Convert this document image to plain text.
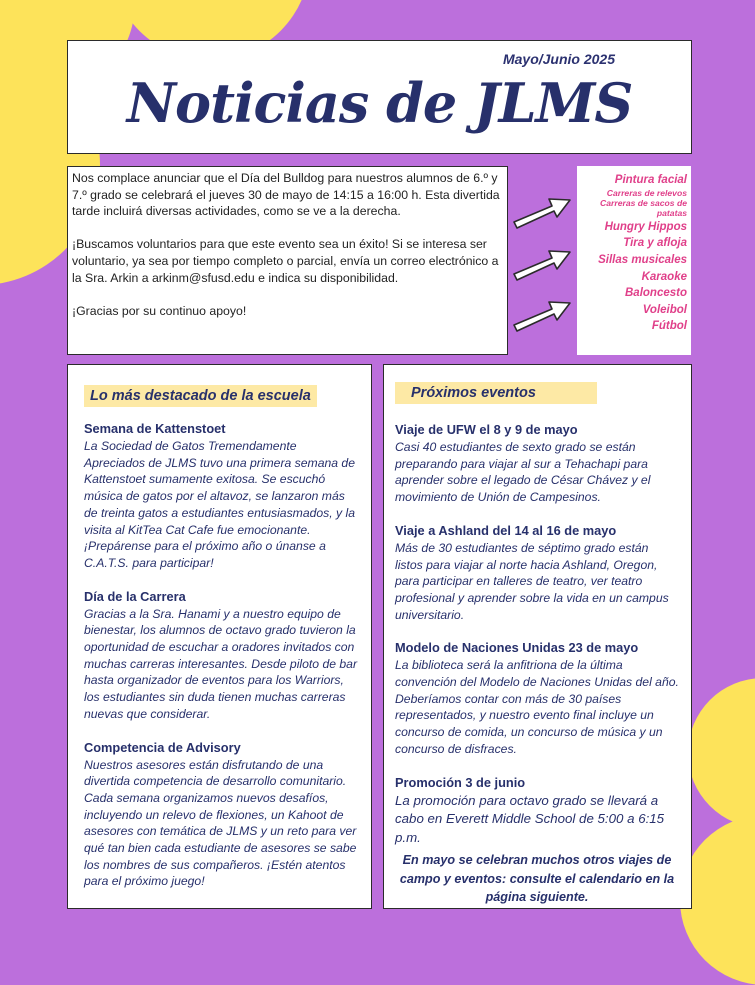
Mayo/Junio 2025
Noticias de JLMS

Nos complace anunciar que el Día del Bulldog para nuestros alumnos de 6.º y 7.º grado se celebrará el jueves 30 de mayo de 14:15 a 16:00 h. Esta divertida tarde incluirá diversas actividades, como se ve a la derecha.

¡Buscamos voluntarios para que este evento sea un éxito! Si se interesa ser voluntario, ya sea por tiempo completo o parcial, envía un correo electrónico a la Sra. Arkin a arkinm@sfusd.edu e indica su disponibilidad.

¡Gracias por su continuo apoyo!

Pintura facial
Carreras de relevos
Carreras de sacos de patatas
Hungry Hippos
Tira y afloja
Sillas musicales
Karaoke
Baloncesto
Voleibol
Fútbol
Lo más destacado de la escuela

Semana de Kattenstoet

La Sociedad de Gatos Tremendamente Apreciados de JLMS tuvo una primera semana de Kattenstoet sumamente exitosa. Se escuchó música de gatos por el altavoz, se lanzaron más de treinta gatos a estudiantes entusiasmados, y la visita al KitTea Cat Cafe fue emocionante. ¡Prepárense para el próximo año o únanse a C.A.T.S. para participar!

Día de la Carrera

Gracias a la Sra. Hanami y a nuestro equipo de bienestar, los alumnos de octavo grado tuvieron la oportunidad de escuchar a oradores invitados con muchas carreras interesantes. Desde piloto de bar hasta organizador de eventos para los Warriors, los estudiantes sin duda tienen muchas carreras nuevas que considerar.

Competencia de Advisory

Nuestros asesores están disfrutando de una divertida competencia de desarrollo comunitario. Cada semana organizamos nuevos desafíos, incluyendo un relevo de flexiones, un Kahoot de asesores con temática de JLMS y un reto para ver qué tan bien cada estudiante de asesores se sabe los nombres de sus compañeros. ¡Estén atentos para el próximo juego!

Próximos eventos

Viaje de UFW el 8 y 9 de mayo

Casi 40 estudiantes de sexto grado se están preparando para viajar al sur a Tehachapi para aprender sobre el legado de César Chávez y el movimiento de Unión de Campesinos.

Viaje a Ashland del 14 al 16 de mayo

Más de 30 estudiantes de séptimo grado están listos para viajar al norte hacia Ashland, Oregon, para participar en talleres de teatro, ver teatro profesional y aprender sobre la vida en un campus universitario.

Modelo de Naciones Unidas 23 de mayo

La biblioteca será la anfitriona de la última convención del Modelo de Naciones Unidas del año. Deberíamos contar con más de 30 países representados, y nuestro evento final incluye un concurso de comida, un concurso de música y un concurso de disfraces.

Promoción 3 de junio

La promoción para octavo grado se llevará a cabo en Everett Middle School de 5:00 a 6:15 p.m.

En mayo se celebran muchos otros viajes de campo y eventos: consulte el calendario en la página siguiente.
